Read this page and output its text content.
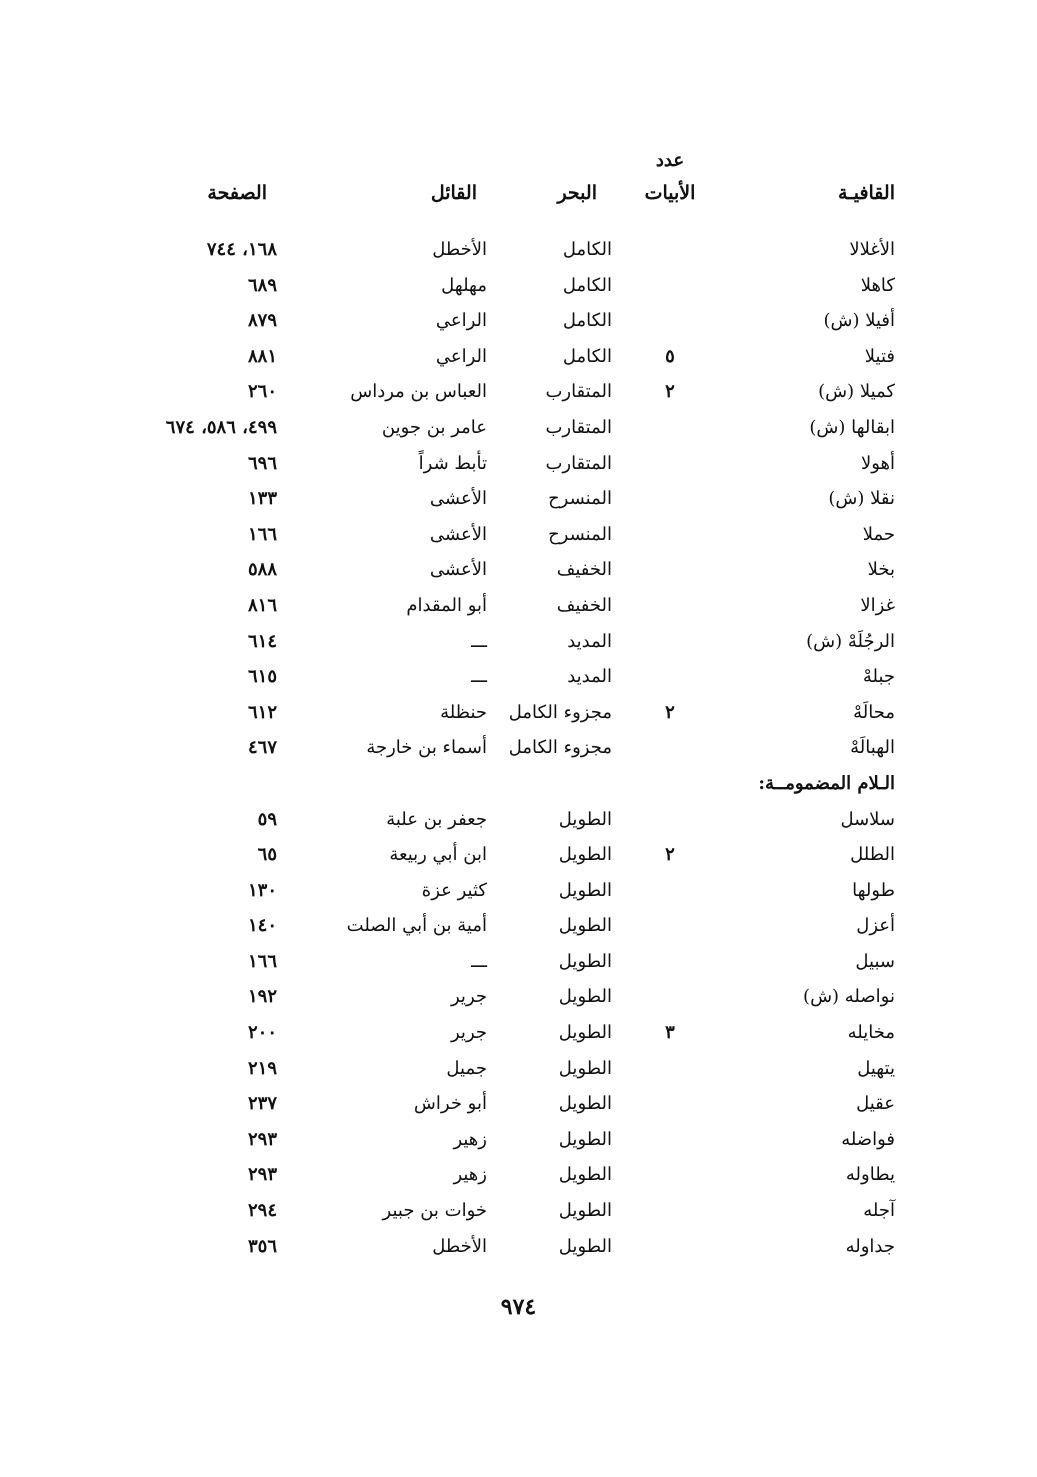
عدد
القافيـة
الأبيات
البحر
القائل
الصفحة
الأغلالا
الكامل
الأخطل
١٦٨، ٧٤٤
كاهلا
الكامل
مهلهل
٦٨٩
أفيلا (ش)
الكامل
الراعي
٨٧٩
فتيلا
٥
الكامل
الراعي
٨٨١
كميلا (ش)
٢
المتقارب
العباس بن مرداس
٢٦٠
ابقالها (ش)
المتقارب
عامر بن جوين
٤٩٩، ٥٨٦، ٦٧٤
أهولا
المتقارب
تأبط شراً
٦٩٦
نقلا (ش)
المنسرح
الأعشى
١٣٣
حملا
المنسرح
الأعشى
١٦٦
بخلا
الخفيف
الأعشى
٥٨٨
غزالا
الخفيف
أبو المقدام
٨١٦
الرجُلَهْ (ش)
المديد
ـــ
٦١٤
جبلهْ
المديد
ـــ
٦١٥
محالَهْ
٢
مجزوء الكامل
حنظلة
٦١٢
الهبالَهْ
مجزوء الكامل
أسماء بن خارجة
٤٦٧
الـلام المضمومــة:
سلاسل
الطويل
جعفر بن علبة
٥٩
الطلل
٢
الطويل
ابن أبي ربيعة
٦٥
طولها
الطويل
كثير عزة
١٣٠
أعزل
الطويل
أمية بن أبي الصلت
١٤٠
سبيل
الطويل
ـــ
١٦٦
نواصله (ش)
الطويل
جرير
١٩٢
مخايله
٣
الطويل
جرير
٢٠٠
يتهيل
الطويل
جميل
٢١٩
عقيل
الطويل
أبو خراش
٢٣٧
فواضله
الطويل
زهير
٢٩٣
يطاوله
الطويل
زهير
٢٩٣
آجله
الطويل
خوات بن جبير
٢٩٤
جداوله
الطويل
الأخطل
٣٥٦
٩٧٤
